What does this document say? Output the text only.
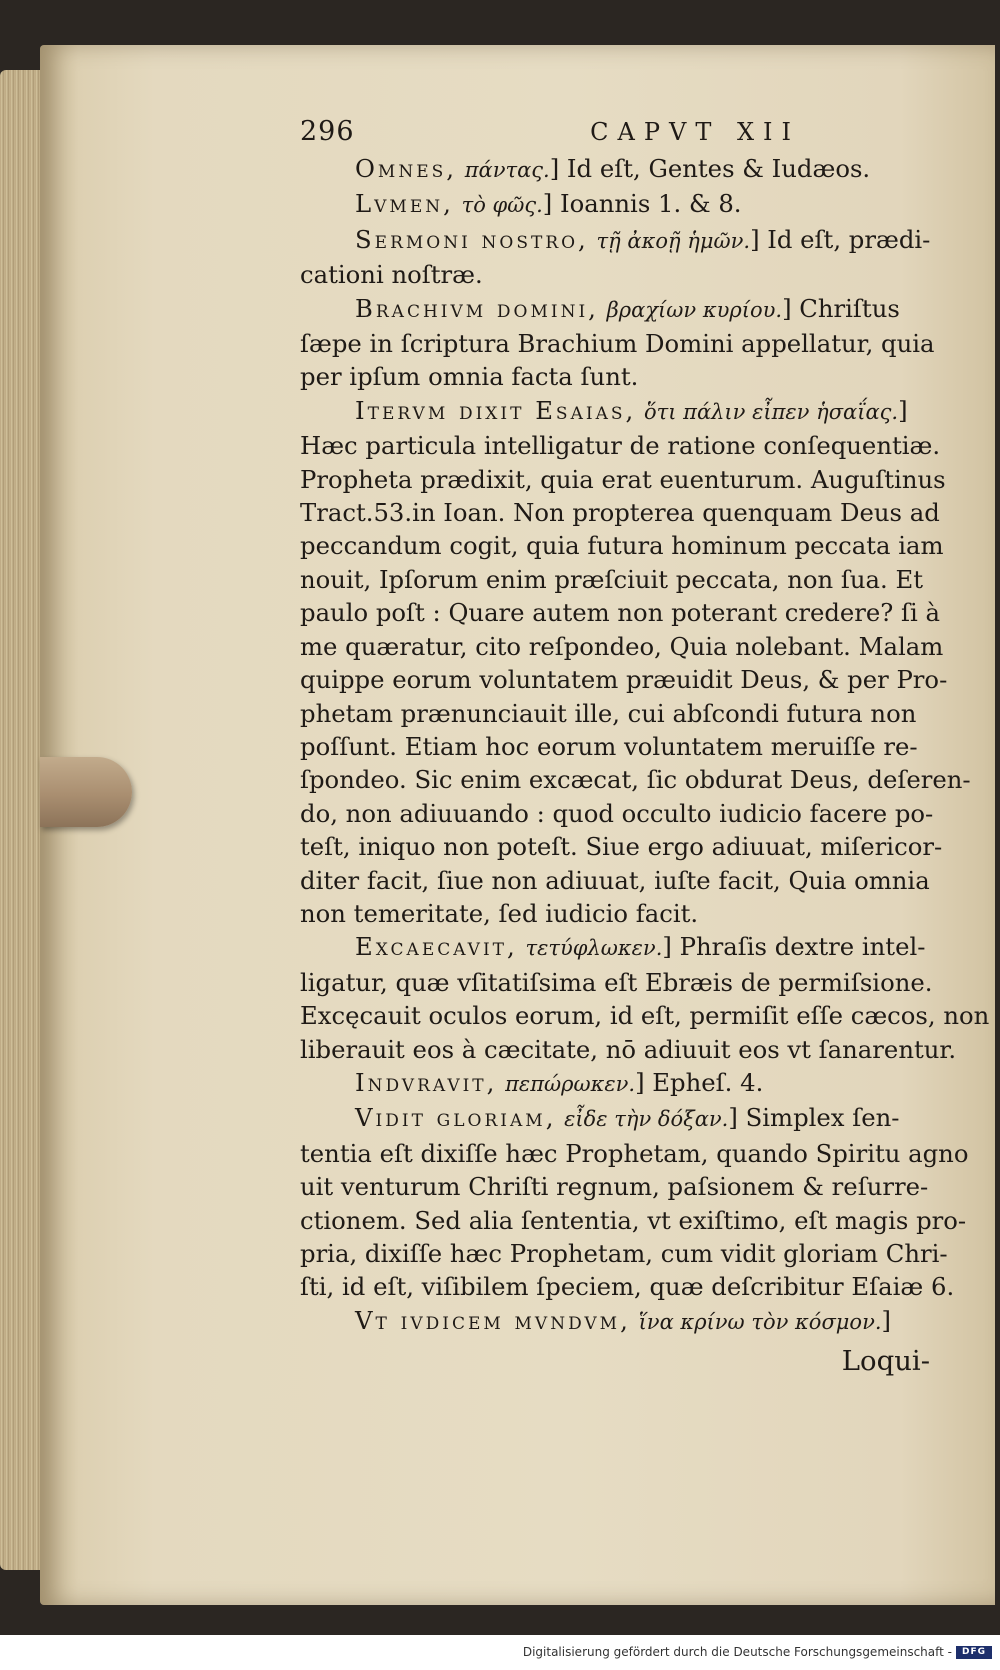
296	CAPVT XII
Omnes, πάντας.] Id eſt, Gentes & Iudæos.
Lvmen, τὸ φῶς.] Ioannis 1. & 8.
Sermoni nostro, τῇ ἀκοῇ ἡμῶν.] Id eſt, prædi-
cationi noſtræ.
Brachivm domini, βραχίων κυρίου.] Chriſtus
ſæpe in ſcriptura Brachium Domini appellatur, quia
per ipſum omnia facta ſunt.
Itervm dixit Esaias, ὅτι πάλιν εἶπεν ἡσαΐας.]
Hæc particula intelligatur de ratione conſequentiæ.
Propheta prædixit, quia erat euenturum. Auguſtinus
Tract.53.in Ioan. Non propterea quenquam Deus ad
peccandum cogit, quia futura hominum peccata iam
nouit, Ipſorum enim præſciuit peccata, non ſua. Et
paulo poſt : Quare autem non poterant credere? ſi à
me quæratur, cito reſpondeo, Quia nolebant. Malam
quippe eorum voluntatem præuidit Deus, & per Pro-
phetam prænunciauit ille, cui abſcondi futura non
poſſunt. Etiam hoc eorum voluntatem meruiſſe re-
ſpondeo. Sic enim excæcat, ſic obdurat Deus, deſeren-
do, non adiuuando : quod occulto iudicio facere po-
teſt, iniquo non poteſt. Siue ergo adiuuat, miſericor-
diter facit, ſiue non adiuuat, iuſte facit, Quia omnia
non temeritate, ſed iudicio facit.
Excaecavit, τετύφλωκεν.] Phraſis dextre intel-
ligatur, quæ vſitatiſsima eſt Ebræis de permiſsione.
Excęcauit oculos eorum, id eſt, permiſit eſſe cæcos, non
liberauit eos à cæcitate, nō adiuuit eos vt ſanarentur.
Indvravit, πεπώρωκεν.] Epheſ. 4.
Vidit gloriam, εἶδε τὴν δόξαν.] Simplex ſen-
tentia eſt dixiſſe hæc Prophetam, quando Spiritu agno
uit venturum Chriſti regnum, paſsionem & reſurre-
ctionem. Sed alia ſententia, vt exiſtimo, eſt magis pro-
pria, dixiſſe hæc Prophetam, cum vidit gloriam Chri-
ſti, id eſt, viſibilem ſpeciem, quæ deſcribitur Eſaiæ 6.
Vt ivdicem mvndvm, ἵνα κρίνω τὸν κόσμον.]
Loqui-
Digitalisierung gefördert durch die Deutsche Forschungsgemeinschaft -	DFG
